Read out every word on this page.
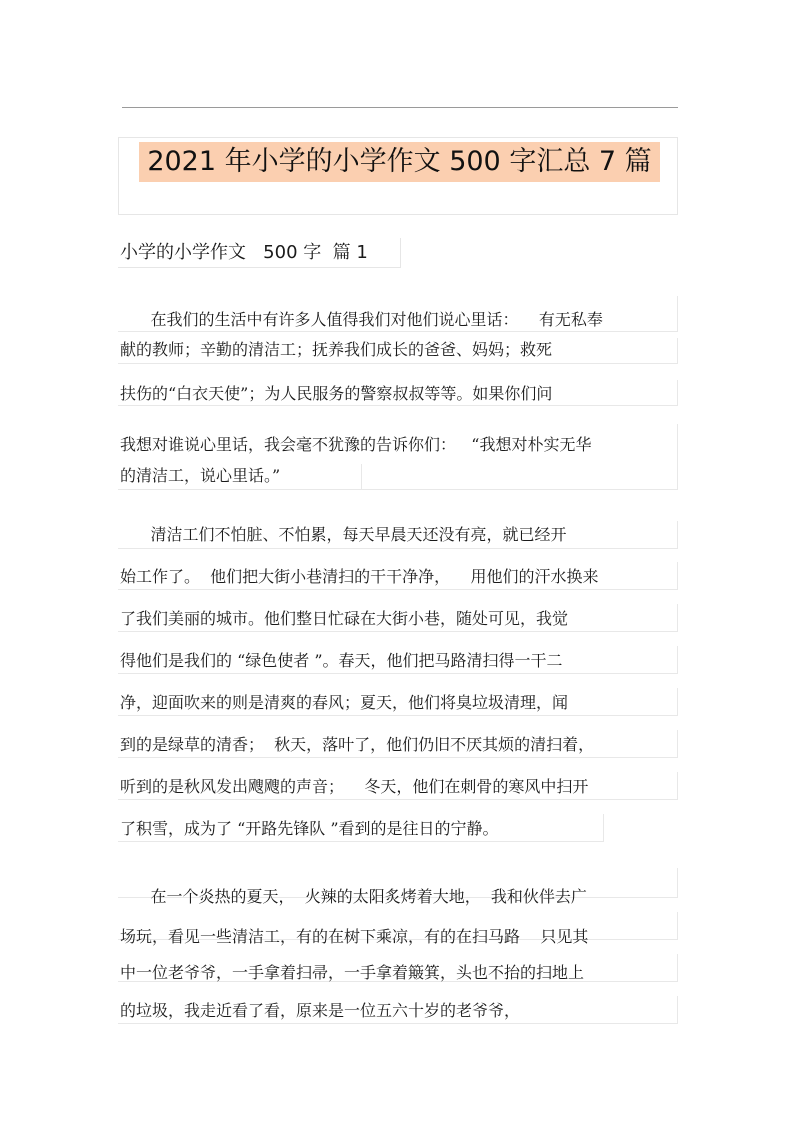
2021 年小学的小学作文 500 字汇总 7 篇
小学的小学作文   500 字  篇 1
在我们的生活中有许多人值得我们对他们说心里话：    有无私奉
献的教师；辛勤的清洁工；抚养我们成长的爸爸、妈妈；救死
扶伤的“白衣天使”；为人民服务的警察叔叔等等。如果你们问
我想对谁说心里话，我会毫不犹豫的告诉你们：   “我想对朴实无华
的清洁工，说心里话。”
清洁工们不怕脏、不怕累，每天早晨天还没有亮，就已经开
始工作了。  他们把大街小巷清扫的干干净净，    用他们的汗水换来
了我们美丽的城市。他们整日忙碌在大街小巷，随处可见，我觉
得他们是我们的 “绿色使者 ”。春天，他们把马路清扫得一干二
净，迎面吹来的则是清爽的春风；夏天，他们将臭垃圾清理，闻
到的是绿草的清香；  秋天，落叶了，他们仍旧不厌其烦的清扫着，
听到的是秋风发出飕飕的声音；    冬天，他们在刺骨的寒风中扫开
了积雪，成为了 “开路先锋队 ”看到的是往日的宁静。
在一个炎热的夏天，  火辣的太阳炙烤着大地，  我和伙伴去广
场玩，看见一些清洁工，有的在树下乘凉，有的在扫马路    只见其
中一位老爷爷，一手拿着扫帚，一手拿着簸箕，头也不抬的扫地上
的垃圾，我走近看了看，原来是一位五六十岁的老爷爷，
